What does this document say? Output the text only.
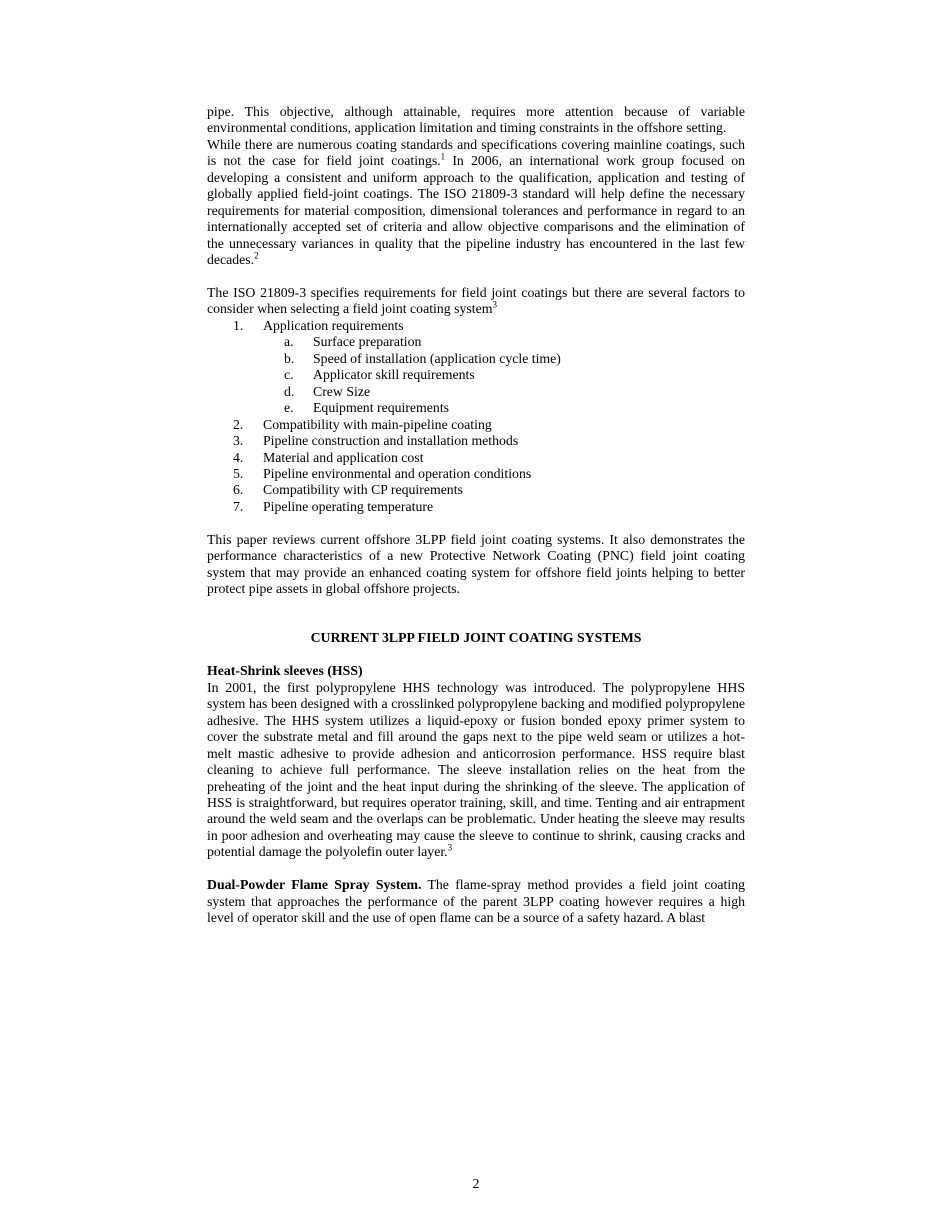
pipe. This objective, although attainable, requires more attention because of variable environmental conditions, application limitation and timing constraints in the offshore setting.

While there are numerous coating standards and specifications covering mainline coatings, such is not the case for field joint coatings.$^1$ In 2006, an international work group focused on developing a consistent and uniform approach to the qualification, application and testing of globally applied field-joint coatings. The ISO 21809-3 standard will help define the necessary requirements for material composition, dimensional tolerances and performance in regard to an internationally accepted set of criteria and allow objective comparisons and the elimination of the unnecessary variances in quality that the pipeline industry has encountered in the last few decades.$^2$

The ISO 21809-3 specifies requirements for field joint coatings but there are several factors to consider when selecting a field joint coating system$^3$

1.	Application requirements
a.	Surface preparation
b.	Speed of installation (application cycle time)
c.	Applicator skill requirements
d.	Crew Size
e.	Equipment requirements
2.	Compatibility with main-pipeline coating
3.	Pipeline construction and installation methods
4.	Material and application cost
5.	Pipeline environmental and operation conditions
6.	Compatibility with CP requirements
7.	Pipeline operating temperature

This paper reviews current offshore 3LPP field joint coating systems. It also demonstrates the performance characteristics of a new Protective Network Coating (PNC) field joint coating system that may provide an enhanced coating system for offshore field joints helping to better protect pipe assets in global offshore projects.

CURRENT 3LPP FIELD JOINT COATING SYSTEMS
Heat-Shrink sleeves (HSS)

In 2001, the first polypropylene HHS technology was introduced. The polypropylene HHS system has been designed with a crosslinked polypropylene backing and modified polypropylene adhesive. The HHS system utilizes a liquid-epoxy or fusion bonded epoxy primer system to cover the substrate metal and fill around the gaps next to the pipe weld seam or utilizes a hot-melt mastic adhesive to provide adhesion and anticorrosion performance. HSS require blast cleaning to achieve full performance. The sleeve installation relies on the heat from the preheating of the joint and the heat input during the shrinking of the sleeve. The application of HSS is straightforward, but requires operator training, skill, and time. Tenting and air entrapment around the weld seam and the overlaps can be problematic. Under heating the sleeve may results in poor adhesion and overheating may cause the sleeve to continue to shrink, causing cracks and potential damage the polyolefin outer layer.$^3$

Dual-Powder Flame Spray System. The flame-spray method provides a field joint coating system that approaches the performance of the parent 3LPP coating however requires a high level of operator skill and the use of open flame can be a source of a safety hazard. A blast

2
